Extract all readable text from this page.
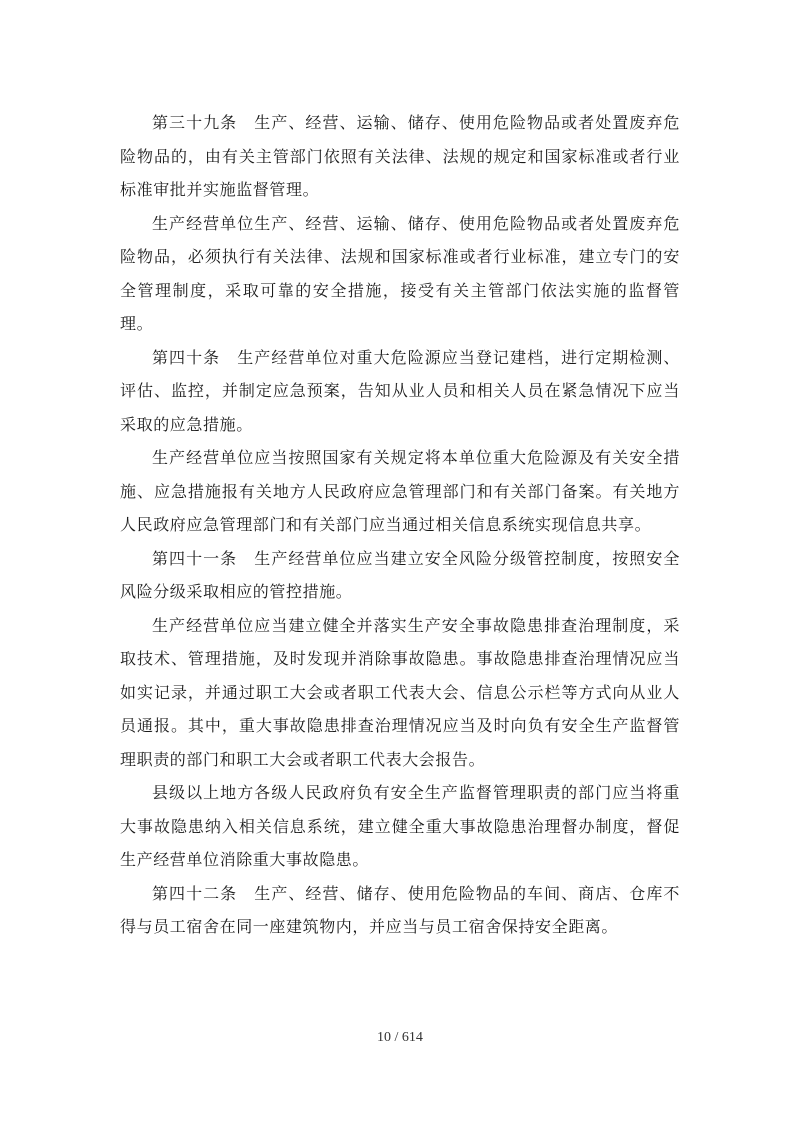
第三十九条　生产、经营、运输、储存、使用危险物品或者处置废弃危险物品的，由有关主管部门依照有关法律、法规的规定和国家标准或者行业标准审批并实施监督管理。

生产经营单位生产、经营、运输、储存、使用危险物品或者处置废弃危险物品，必须执行有关法律、法规和国家标准或者行业标准，建立专门的安全管理制度，采取可靠的安全措施，接受有关主管部门依法实施的监督管理。

第四十条　生产经营单位对重大危险源应当登记建档，进行定期检测、评估、监控，并制定应急预案，告知从业人员和相关人员在紧急情况下应当采取的应急措施。

生产经营单位应当按照国家有关规定将本单位重大危险源及有关安全措施、应急措施报有关地方人民政府应急管理部门和有关部门备案。有关地方人民政府应急管理部门和有关部门应当通过相关信息系统实现信息共享。

第四十一条　生产经营单位应当建立安全风险分级管控制度，按照安全风险分级采取相应的管控措施。

生产经营单位应当建立健全并落实生产安全事故隐患排查治理制度，采取技术、管理措施，及时发现并消除事故隐患。事故隐患排查治理情况应当如实记录，并通过职工大会或者职工代表大会、信息公示栏等方式向从业人员通报。其中，重大事故隐患排查治理情况应当及时向负有安全生产监督管理职责的部门和职工大会或者职工代表大会报告。

县级以上地方各级人民政府负有安全生产监督管理职责的部门应当将重大事故隐患纳入相关信息系统，建立健全重大事故隐患治理督办制度，督促生产经营单位消除重大事故隐患。

第四十二条　生产、经营、储存、使用危险物品的车间、商店、仓库不得与员工宿舍在同一座建筑物内，并应当与员工宿舍保持安全距离。

10 / 614
